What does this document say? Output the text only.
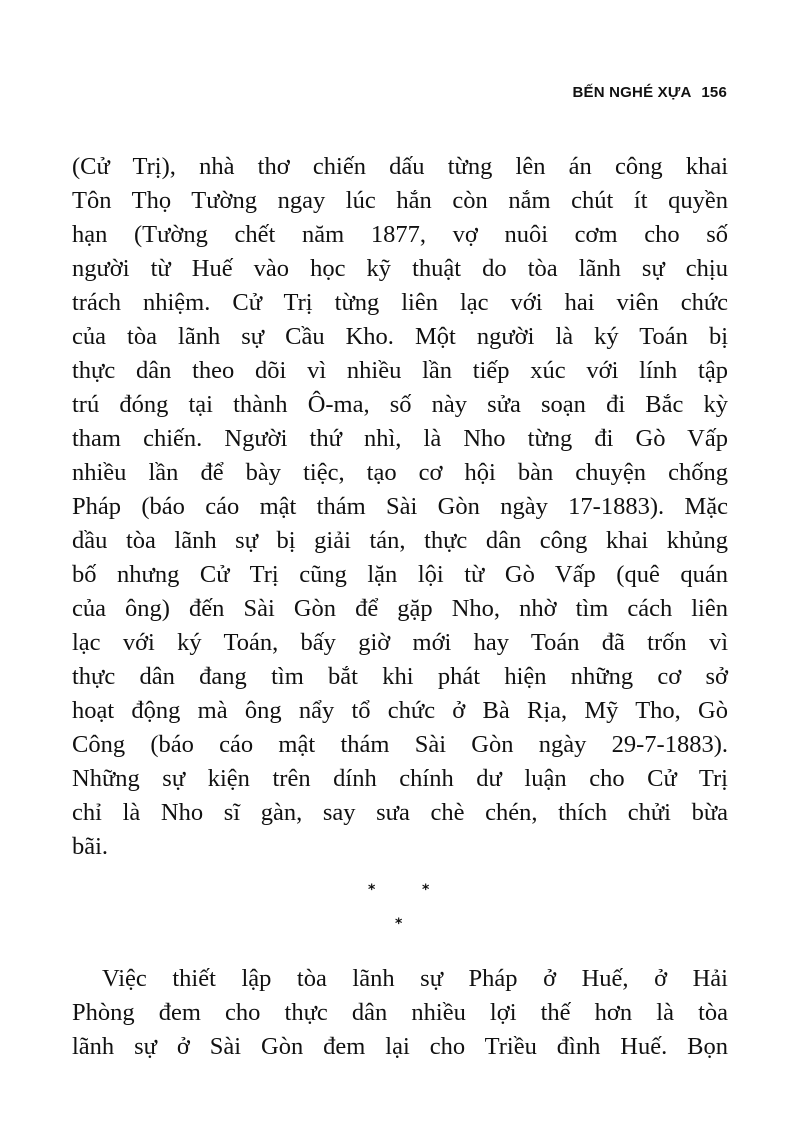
BẾN NGHÉ XỰA 156
(Cử Trị), nhà thơ chiến dấu từng lên án công khai
Tôn Thọ Tường ngay lúc hắn còn nắm chút ít quyền
hạn (Tường chết năm 1877, vợ nuôi cơm cho số
người từ Huế vào học kỹ thuật do tòa lãnh sự chịu
trách nhiệm. Cử Trị từng liên lạc với hai viên chức
của tòa lãnh sự Cầu Kho. Một người là ký Toán bị
thực dân theo dõi vì nhiều lần tiếp xúc với lính tập
trú đóng tại thành Ô-ma, số này sửa soạn đi Bắc kỳ
tham chiến. Người thứ nhì, là Nho từng đi Gò Vấp
nhiều lần để bày tiệc, tạo cơ hội bàn chuyện chống
Pháp (báo cáo mật thám Sài Gòn ngày 17-1883). Mặc
dầu tòa lãnh sự bị giải tán, thực dân công khai khủng
bố nhưng Cử Trị cũng lặn lội từ Gò Vấp (quê quán
của ông) đến Sài Gòn để gặp Nho, nhờ tìm cách liên
lạc với ký Toán, bấy giờ mới hay Toán đã trốn vì
thực dân đang tìm bắt khi phát hiện những cơ sở
hoạt động mà ông nẩy tổ chức ở Bà Rịa, Mỹ Tho, Gò
Công (báo cáo mật thám Sài Gòn ngày 29-7-1883).
Những sự kiện trên dính chính dư luận cho Cử Trị
chỉ là Nho sĩ gàn, say sưa chè chén, thích chửi bừa
bãi.
*	*
*
Việc thiết lập tòa lãnh sự Pháp ở Huế, ở Hải
Phòng đem cho thực dân nhiều lợi thế hơn là tòa
lãnh sự ở Sài Gòn đem lại cho Triều đình Huế. Bọn
